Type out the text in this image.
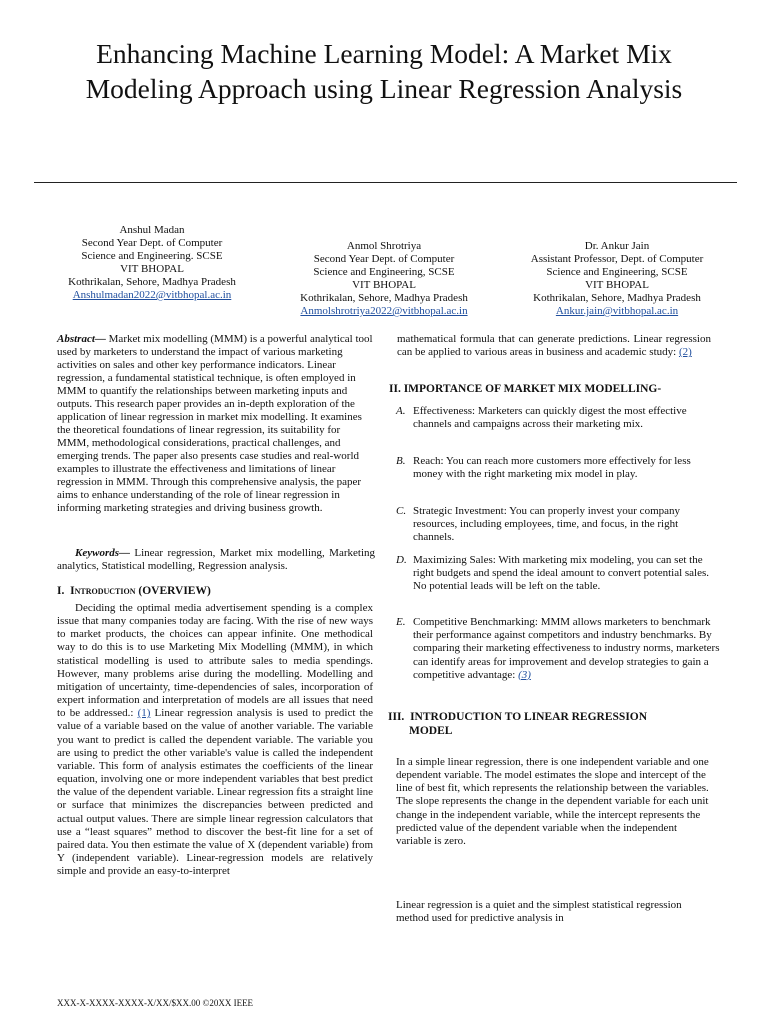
Enhancing Machine Learning Model: A Market Mix Modeling Approach using Linear Regression Analysis
Anshul Madan
Second Year Dept. of Computer
Science and Engineering. SCSE
VIT BHOPAL
Kothrikalan, Sehore, Madhya Pradesh
Anshulmadan2022@vitbhopal.ac.in
Anmol Shrotriya
Second Year Dept. of Computer
Science and Engineering, SCSE
VIT BHOPAL
Kothrikalan, Sehore, Madhya Pradesh
Anmolshrotriya2022@vitbhopal.ac.in
Dr. Ankur Jain
Assistant Professor, Dept. of Computer
Science and Engineering, SCSE
VIT BHOPAL
Kothrikalan, Sehore, Madhya Pradesh
Ankur.jain@vitbhopal.ac.in
Abstract— Market mix modelling (MMM) is a powerful analytical tool used by marketers to understand the impact of various marketing activities on sales and other key performance indicators. Linear regression, a fundamental statistical technique, is often employed in MMM to quantify the relationships between marketing inputs and outputs. This research paper provides an in-depth exploration of the application of linear regression in market mix modelling. It examines the theoretical foundations of linear regression, its suitability for MMM, methodological considerations, practical challenges, and emerging trends. The paper also presents case studies and real-world examples to illustrate the effectiveness and limitations of linear regression in MMM. Through this comprehensive analysis, the paper aims to enhance understanding of the role of linear regression in informing marketing strategies and driving business growth.
Keywords— Linear regression, Market mix modelling, Marketing analytics, Statistical modelling, Regression analysis.
I. Introduction (OVERVIEW)
Deciding the optimal media advertisement spending is a complex issue that many companies today are facing. With the rise of new ways to market products, the choices can appear infinite. One methodical way to do this is to use Marketing Mix Modelling (MMM), in which statistical modelling is used to attribute sales to media spendings. However, many problems arise during the modelling. Modelling and mitigation of uncertainty, time-dependencies of sales, incorporation of expert information and interpretation of models are all issues that need to be addressed.: (1) Linear regression analysis is used to predict the value of a variable based on the value of another variable. The variable you want to predict is called the dependent variable. The variable you are using to predict the other variable's value is called the independent variable. This form of analysis estimates the coefficients of the linear equation, involving one or more independent variables that best predict the value of the dependent variable. Linear regression fits a straight line or surface that minimizes the discrepancies between predicted and actual output values. There are simple linear regression calculators that use a “least squares” method to discover the best-fit line for a set of paired data. You then estimate the value of X (dependent variable) from Y (independent variable). Linear-regression models are relatively simple and provide an easy-to-interpret
mathematical formula that can generate predictions. Linear regression can be applied to various areas in business and academic study: (2)
II. IMPORTANCE OF MARKET MIX MODELLING-
A. Effectiveness: Marketers can quickly digest the most effective channels and campaigns across their marketing mix.
B. Reach: You can reach more customers more effectively for less money with the right marketing mix model in play.
C. Strategic Investment: You can properly invest your company resources, including employees, time, and focus, in the right channels.
D. Maximizing Sales: With marketing mix modeling, you can set the right budgets and spend the ideal amount to convert potential sales. No potential leads will be left on the table.
E. Competitive Benchmarking: MMM allows marketers to benchmark their performance against competitors and industry benchmarks. By comparing their marketing effectiveness to industry norms, marketers can identify areas for improvement and develop strategies to gain a competitive advantage: (3)
III. INTRODUCTION TO LINEAR REGRESSION
MODEL
In a simple linear regression, there is one independent variable and one dependent variable. The model estimates the slope and intercept of the line of best fit, which represents the relationship between the variables. The slope represents the change in the dependent variable for each unit change in the independent variable, while the intercept represents the predicted value of the dependent variable when the independent variable is zero.
Linear regression is a quiet and the simplest statistical regression method used for predictive analysis in
XXX-X-XXXX-XXXX-X/XX/$XX.00 ©20XX IEEE
